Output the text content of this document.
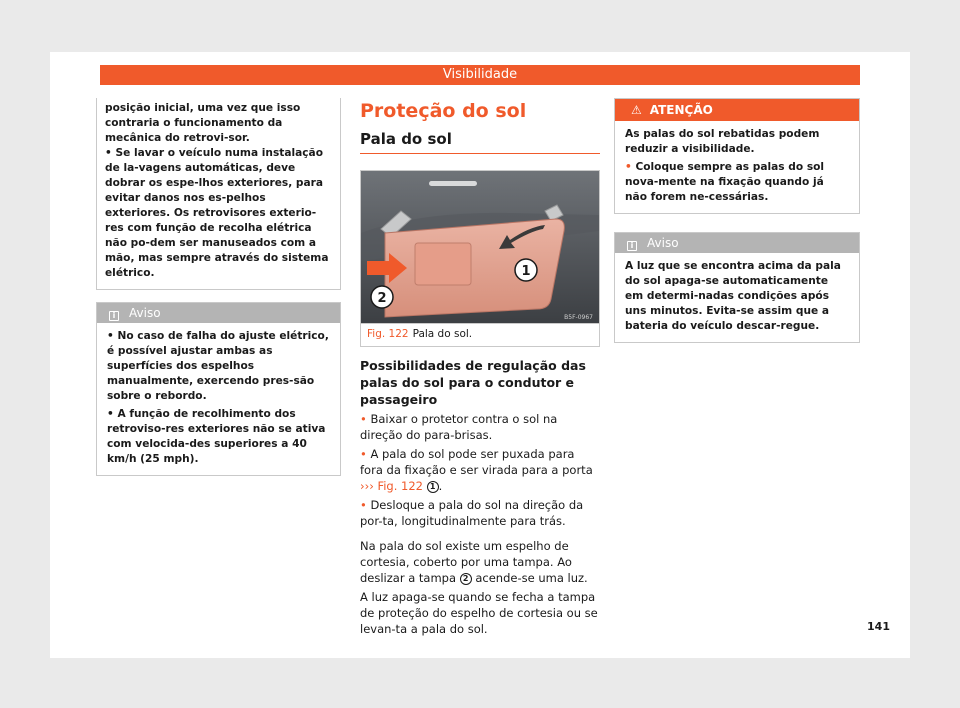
Visibilidade

posição inicial, uma vez que isso contraria o funcionamento da mecânica do retrovi-sor.

• Se lavar o veículo numa instalação de la-vagens automáticas, deve dobrar os espe-lhos exteriores, para evitar danos nos es-pelhos exteriores. Os retrovisores exterio-res com função de recolha elétrica não po-dem ser manuseados com a mão, mas sempre através do sistema elétrico.

i Aviso

• No caso de falha do ajuste elétrico, é possível ajustar ambas as superfícies dos espelhos manualmente, exercendo pres-são sobre o rebordo.

• A função de recolhimento dos retroviso-res exteriores não se ativa com velocida-des superiores a 40 km/h (25 mph).

Proteção do sol
Pala do sol
1
2
B5F-0967
Fig. 122 Pala do sol.
Possibilidades de regulação das palas do sol para o condutor e passageiro

• Baixar o protetor contra o sol na direção do para-brisas.

• A pala do sol pode ser puxada para fora da fixação e ser virada para a porta
››› Fig. 122 1 .

• Desloque a pala do sol na direção da por-ta, longitudinalmente para trás.

Na pala do sol existe um espelho de cortesia, coberto por uma tampa. Ao deslizar a tampa 2 acende-se uma luz.

A luz apaga-se quando se fecha a tampa de proteção do espelho de cortesia ou se levan-ta a pala do sol.

⚠ ATENÇÃO

As palas do sol rebatidas podem reduzir a visibilidade.

• Coloque sempre as palas do sol nova-mente na fixação quando já não forem ne-cessárias.

i Aviso

A luz que se encontra acima da pala do sol apaga-se automaticamente em determi-nadas condições após uns minutos. Evita-se assim que a bateria do veículo descar-regue.

141
